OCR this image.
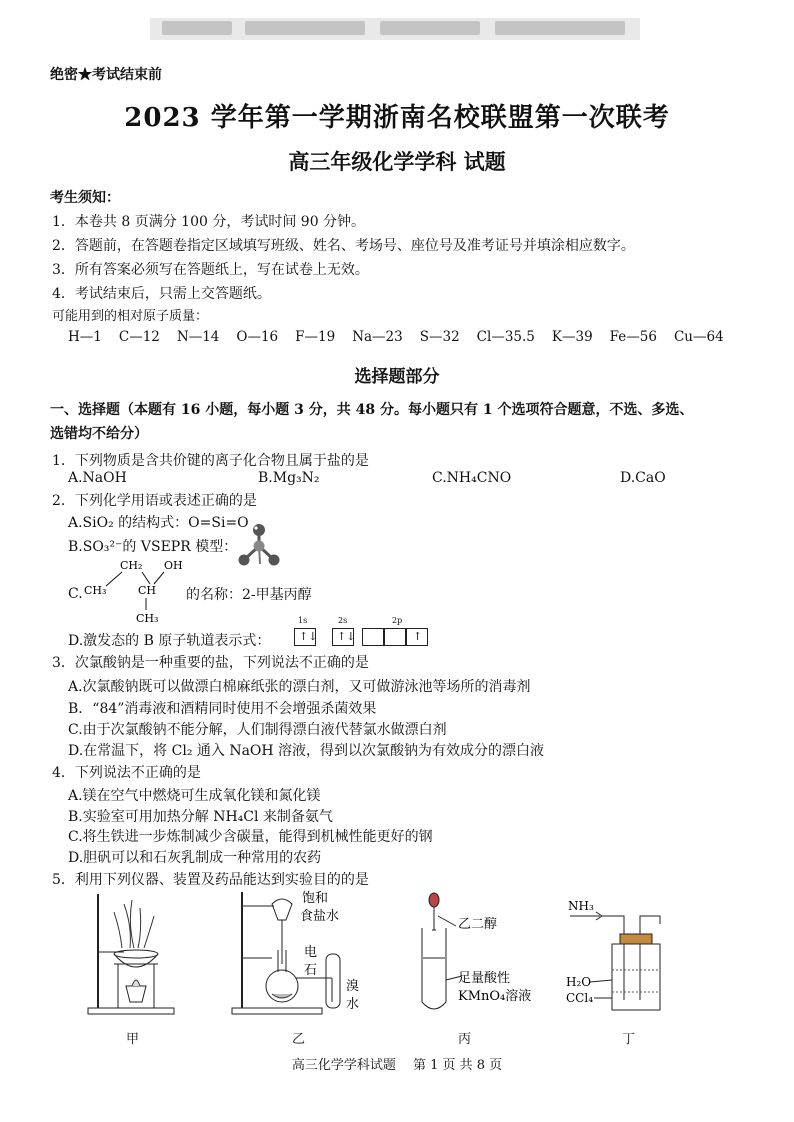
绝密★考试结束前
2023 学年第一学期浙南名校联盟第一次联考
高三年级化学学科 试题
考生须知：
1．本卷共 8 页满分 100 分，考试时间 90 分钟。
2．答题前，在答题卷指定区域填写班级、姓名、考场号、座位号及准考证号并填涂相应数字。
3．所有答案必须写在答题纸上，写在试卷上无效。
4．考试结束后，只需上交答题纸。
可能用到的相对原子质量：
H—1 C—12 N—14 O—16 F—19 Na—23 S—32 Cl—35.5 K—39 Fe—56 Cu—64
选择题部分
一、选择题（本题有 16 小题，每小题 3 分，共 48 分。每小题只有 1 个选项符合题意，不选、多选、
选错均不给分）
1．下列物质是含共价键的离子化合物且属于盐的是
A.NaOH	B.Mg₃N₂	C.NH₄CNO	D.CaO
2．下列化学用语或表述正确的是
A.SiO₂ 的结构式：O=Si=O
B.SO₃²⁻的 VSEPR 模型：
C. CH₃
CH₂
CH
OH
CH₃
的名称：2-甲基丙醇
D.激发态的 B 原子轨道表示式：
1s	2s	2p
↑↓ ↑↓	↑
3．次氯酸钠是一种重要的盐，下列说法不正确的是
A.次氯酸钠既可以做漂白棉麻纸张的漂白剂，又可做游泳池等场所的消毒剂
B．“84”消毒液和酒精同时使用不会增强杀菌效果
C.由于次氯酸钠不能分解，人们制得漂白液代替氯水做漂白剂
D.在常温下，将 Cl₂ 通入 NaOH 溶液，得到以次氯酸钠为有效成分的漂白液
4．下列说法不正确的是
A.镁在空气中燃烧可生成氧化镁和氮化镁
B.实验室可用加热分解 NH₄Cl 来制备氨气
C.将生铁进一步炼制减少含碳量，能得到机械性能更好的钢
D.胆矾可以和石灰乳制成一种常用的农药
5．利用下列仪器、装置及药品能达到实验目的的是
甲
饱和
食盐水
电
石
溴
水
乙
乙二醇
足量酸性
KMnO₄溶液
丙
NH₃
H₂O
CCl₄
丁
高三化学学科试题　 第 1 页 共 8 页
